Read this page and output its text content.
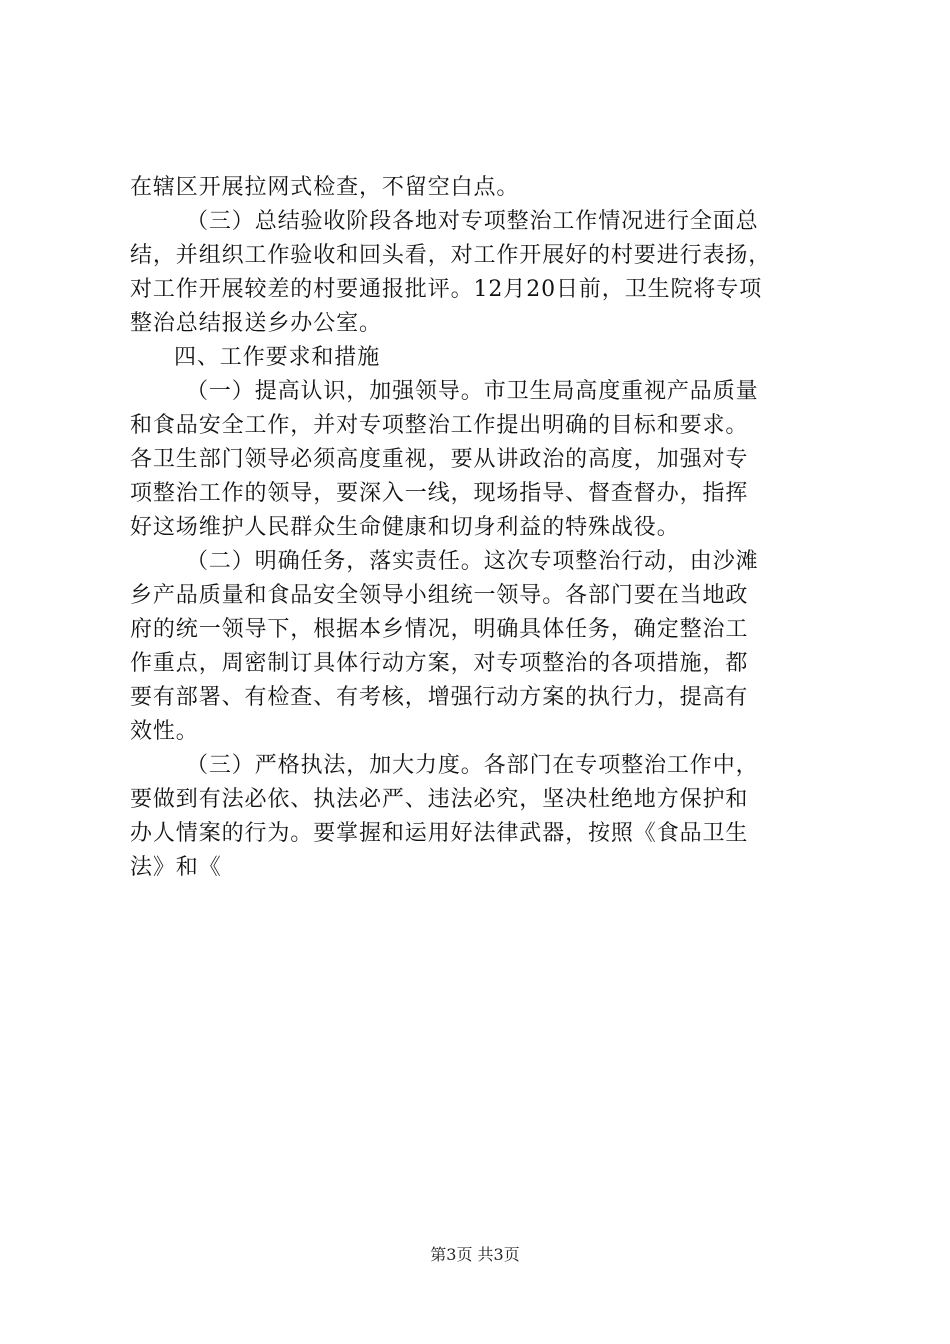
在辖区开展拉网式检查，不留空白点。
（三）总结验收阶段各地对专项整治工作情况进行全面总
结，并组织工作验收和回头看，对工作开展好的村要进行表扬，
对工作开展较差的村要通报批评。12月20日前，卫生院将专项
整治总结报送乡办公室。
四、工作要求和措施
（一）提高认识，加强领导。市卫生局高度重视产品质量
和食品安全工作，并对专项整治工作提出明确的目标和要求。
各卫生部门领导必须高度重视，要从讲政治的高度，加强对专
项整治工作的领导，要深入一线，现场指导、督查督办，指挥
好这场维护人民群众生命健康和切身利益的特殊战役。
（二）明确任务，落实责任。这次专项整治行动，由沙滩
乡产品质量和食品安全领导小组统一领导。各部门要在当地政
府的统一领导下，根据本乡情况，明确具体任务，确定整治工
作重点，周密制订具体行动方案，对专项整治的各项措施，都
要有部署、有检查、有考核，增强行动方案的执行力，提高有
效性。
（三）严格执法，加大力度。各部门在专项整治工作中，
要做到有法必依、执法必严、违法必究，坚决杜绝地方保护和
办人情案的行为。要掌握和运用好法律武器，按照《食品卫生
法》和《
第3页 共3页
